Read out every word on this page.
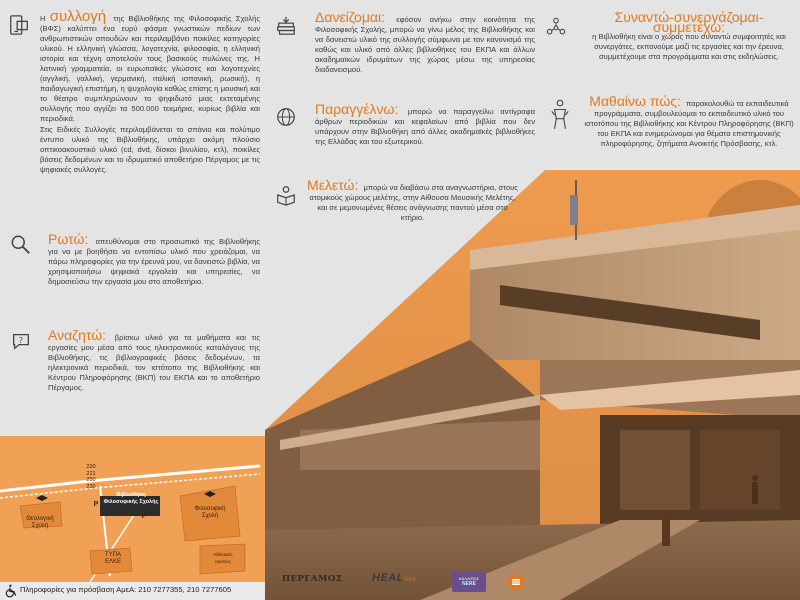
Η συλλογή της Βιβλιοθήκης της Φιλοσοφικής Σχολής (ΒΦΣ) καλύπτει ένα ευρύ φάσμα γνωστικών πεδίων των ανθρωπιστικών σπουδών και περιλαμβάνει ποικίλες κατηγορίες υλικού. Η ελληνική γλώσσα, λογοτεχνία, φιλοσοφία, η ελληνική ιστορία και τέχνη αποτελούν τους βασικούς πυλώνες της. Η λατινική γραμματεία, οι ευρωπαϊκές γλώσσες και λογοτεχνίες (αγγλική, γαλλική, γερμανική, ιταλική ισπανική, ρωσική), η παιδαγωγική επιστήμη, η ψυχολογία καθώς επίσης η μουσική και το θέατρο συμπληρώνουν το ψηφιδωτό μιας εκτεταμένης συλλογής που αγγίζει τα 500.000 τεκμήρια, κυρίως βιβλία και περιοδικά.
Στις Ειδικές Συλλογές περιλαμβάνεται το σπάνιο και πολύτιμο έντυπο υλικό της Βιβλιοθήκης, υπάρχει ακόμη πλούσιο οπτικοακουστικό υλικό (cd, dvd, δίσκοι βινυλίου, κτλ), ποικίλες βάσεις δεδομένων και το ιδρυματικό αποθετήριο Πέργαμος με τις ψηφιακές συλλογές.
Ρωτώ: απευθύνομαι στο προσωπικό της Βιβλιοθήκης για να με βοηθήσει να εντοπίσω υλικό που χρειάζομαι, να πάρω πληροφορίες για την έρευνά μου, να δανειστώ βιβλία, να χρησιμοποιήσω ψηφιακά εργαλεία και υπηρεσίες, να δημοσιεύσω την εργασία μου στο αποθετήριο.
? Αναζητώ: βρίσκω υλικό για τα μαθήματα και τις εργασίες μου μέσα από τους ηλεκτρονικούς καταλόγους της Βιβλιοθήκης, τις βιβλιογραφικές βάσεις δεδομένων, τα ηλεκτρονικά περιοδικά, τον ιστότοπο της Βιβλιοθήκης και Κέντρου Πληροφόρησης (ΒΚΠ) του ΕΚΠΑ και το αποθετήριο Πέργαμος.
Δανείζομαι: εφόσον ανήκω στην κοινότητα της Φιλοσοφικής Σχολής, μπορώ να γίνω μέλος της Βιβλιοθήκης και να δανειστώ υλικό της συλλογής σύμφωνα με τον κανονισμό της καθώς και υλικό από άλλες βιβλιοθήκες του ΕΚΠΑ και άλλων ακαδημαϊκών ιδρυμάτων της χώρας μέσω της υπηρεσίας διαδανεισμού.
Παραγγέλνω: μπορώ να παραγγείλω αντίγραφα άρθρων περιοδικών και κεφαλαίων από βιβλία που δεν υπάρχουν στην Βιβλιοθήκη από άλλες ακαδημαϊκές βιβλιοθήκες της Ελλάδας και του εξωτερικού.
Μελετώ: μπορώ να διαβάσω στα αναγνωστήρια, στους ατομικούς χώρους μελέτης, στην Αίθουσα Μουσικής Μελέτης, και σε μεμονωμένες θέσεις ανάγνωσης παντού μέσα στο κτήριο.
Συναντώ-συνεργάζομαι-συμμετέχω:
η Βιβλιοθήκη είναι ο χώρος που συναντώ συμφοιτητές και συνεργάτες, εκπονούμε μαζί τις εργασίες και την έρευνα, συμμετέχουμε στα προγράμματα και στις εκδηλώσεις.
Μαθαίνω πώς: παρακολουθώ τα εκπαιδευτικά προγράμματα, συμβουλεύομαι το εκπαιδευτικό υλικό του ιστοτόπου της Βιβλιοθήκης και Κέντρου Πληροφόρησης (ΒΚΠ) του ΕΚΠΑ και ενημερώνομαι για θέματα επιστημονικής πληροφόρησης, ζητήματα Ανοικτής Πρόσβασης, κτλ.
220
221
250
230
Βιβλιοθήκη
Φιλοσοφικής Σχολής
P
P
Θεολογική
Σχολή
Φιλοσοφική
Σχολή
ΤΥΠΑ
ΕΛΚΕ
Αθλητικές
εγκ/σεις
Πληροφορίες για πρόσβαση ΑμεΑ: 210 7277355, 210 7277605
ΠΕΡΓΑΜΟΣ	HEALlink	ΚΑΛΛΙΠΟΣ
NERE
